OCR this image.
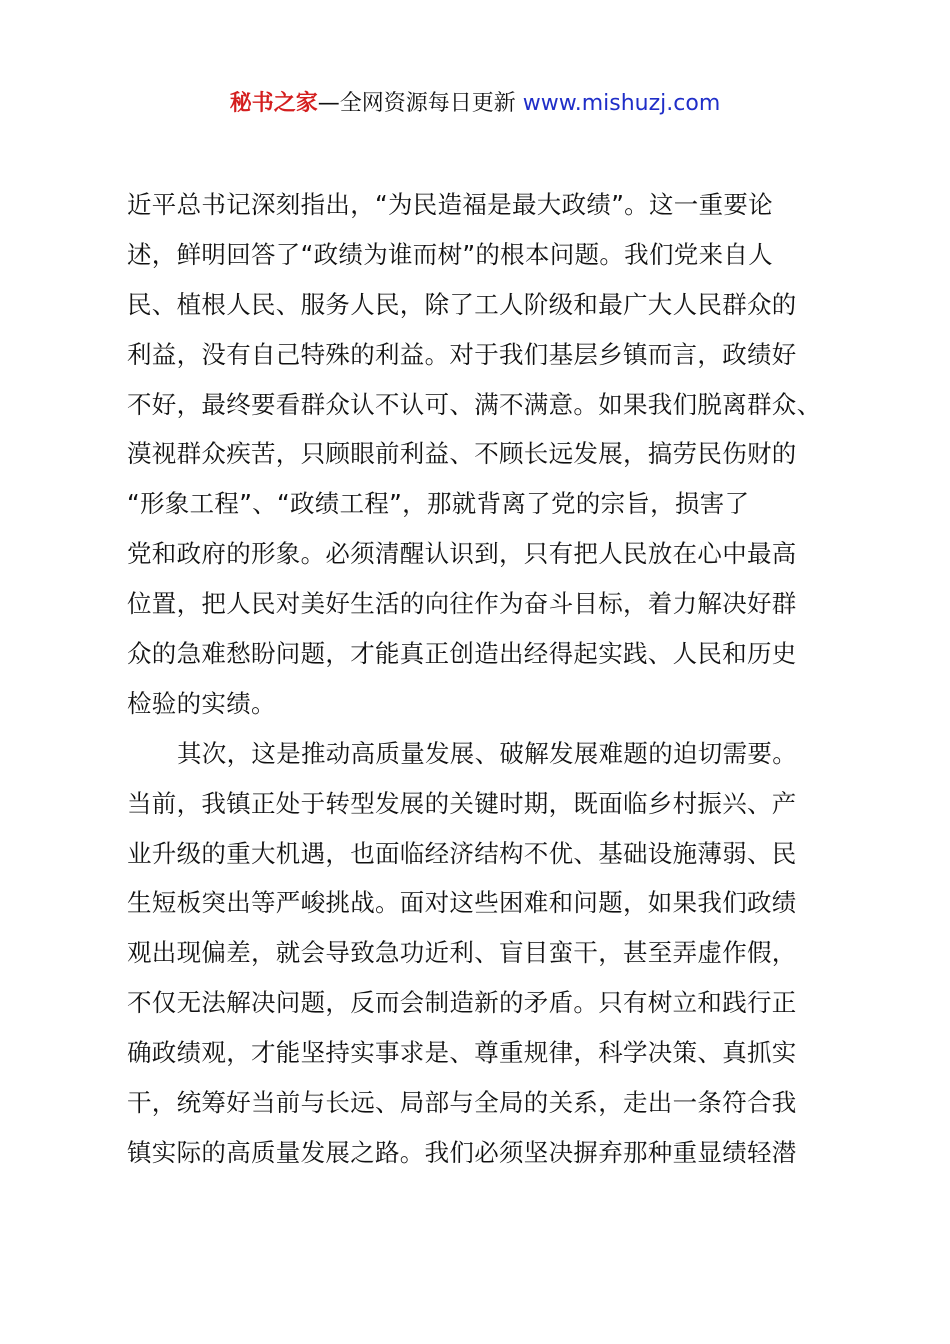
秘书之家—全网资源每日更新 www.mishuzj.com
近平总书记深刻指出，“为民造福是最大政绩”。这一重要论
述，鲜明回答了“政绩为谁而树”的根本问题。我们党来自人
民、植根人民、服务人民，除了工人阶级和最广大人民群众的
利益，没有自己特殊的利益。对于我们基层乡镇而言，政绩好
不好，最终要看群众认不认可、满不满意。如果我们脱离群众、
漠视群众疾苦，只顾眼前利益、不顾长远发展，搞劳民伤财的
“形象工程”、“政绩工程”，那就背离了党的宗旨，损害了
党和政府的形象。必须清醒认识到，只有把人民放在心中最高
位置，把人民对美好生活的向往作为奋斗目标，着力解决好群
众的急难愁盼问题，才能真正创造出经得起实践、人民和历史
检验的实绩。
其次，这是推动高质量发展、破解发展难题的迫切需要。
当前，我镇正处于转型发展的关键时期，既面临乡村振兴、产
业升级的重大机遇，也面临经济结构不优、基础设施薄弱、民
生短板突出等严峻挑战。面对这些困难和问题，如果我们政绩
观出现偏差，就会导致急功近利、盲目蛮干，甚至弄虚作假，
不仅无法解决问题，反而会制造新的矛盾。只有树立和践行正
确政绩观，才能坚持实事求是、尊重规律，科学决策、真抓实
干，统筹好当前与长远、局部与全局的关系，走出一条符合我
镇实际的高质量发展之路。我们必须坚决摒弃那种重显绩轻潜
